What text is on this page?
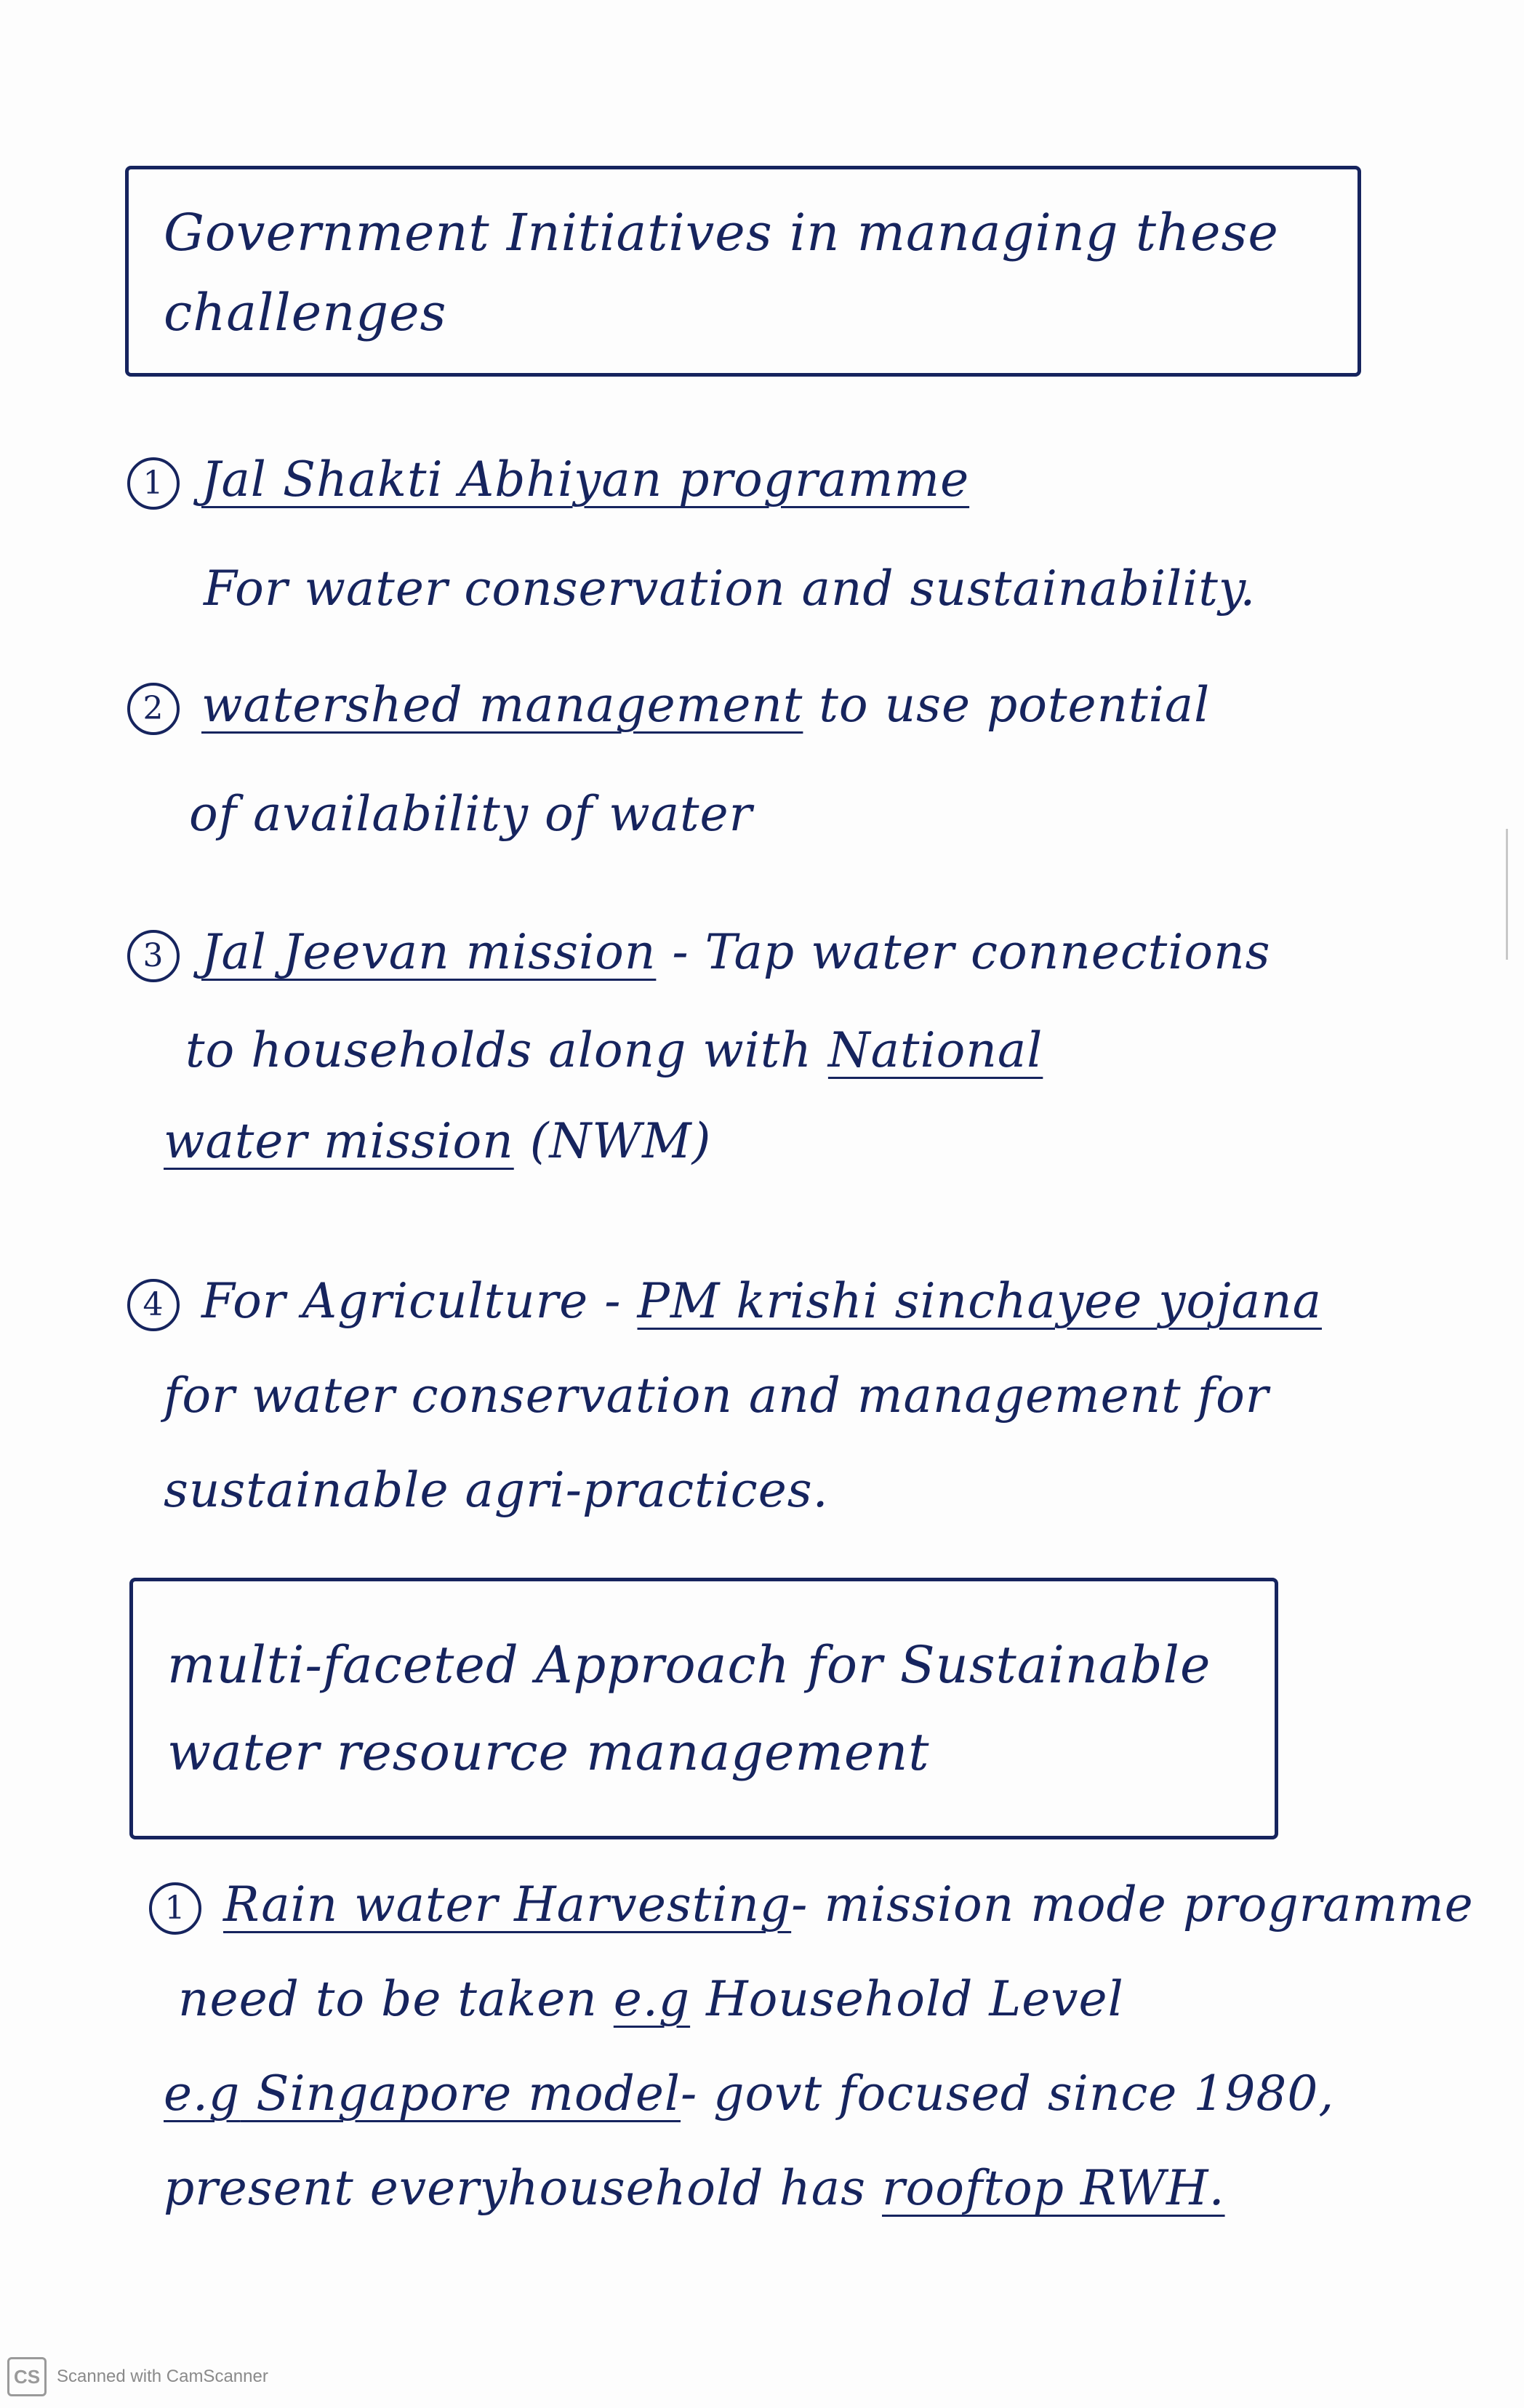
Government Initiatives in managing these
challenges
1 Jal Shakti Abhiyan programme
For water conservation and sustainability.
2 watershed management to use potential
of availability of water
3 Jal Jeevan mission - Tap water connections
to households along with National
water mission (NWM)
4 For Agriculture - PM krishi sinchayee yojana
for water conservation and management for
sustainable agri-practices.
multi-faceted Approach for Sustainable
water resource management
1 Rain water Harvesting- mission mode programme
need to be taken e.g Household Level
e.g Singapore model- govt focused since 1980,
present everyhousehold has rooftop RWH.
CS Scanned with CamScanner
